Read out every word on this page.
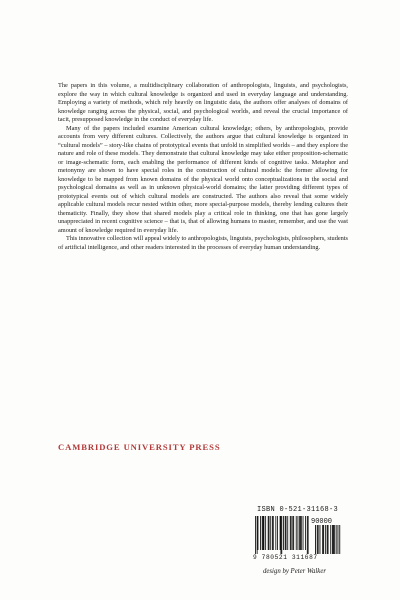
The papers in this volume, a multidisciplinary collaboration of anthropologists, linguists, and psychologists, explore the way in which cultural knowledge is organized and used in everyday language and understanding. Employing a variety of methods, which rely heavily on linguistic data, the authors offer analyses of domains of knowledge ranging across the physical, social, and psychological worlds, and reveal the crucial importance of tacit, presupposed knowledge in the conduct of everyday life.

Many of the papers included examine American cultural knowledge; others, by anthropologists, provide accounts from very different cultures. Collectively, the authors argue that cultural knowledge is organized in “cultural models” – story-like chains of prototypical events that unfold in simplified worlds – and they explore the nature and role of these models. They demonstrate that cultural knowledge may take either proposition-schematic or image-schematic form, each enabling the performance of different kinds of cognitive tasks. Metaphor and metonymy are shown to have special roles in the construction of cultural models: the former allowing for knowledge to be mapped from known domains of the physical world onto conceptualizations in the social and psychological domains as well as in unknown physical-world domains; the latter providing different types of prototypical events out of which cultural models are constructed. The authors also reveal that some widely applicable cultural models recur nested within other, more special-purpose models, thereby lending cultures their thematicity. Finally, they show that shared models play a critical role in thinking, one that has gone largely unappreciated in recent cognitive science – that is, that of allowing humans to master, remember, and use the vast amount of knowledge required in everyday life.

This innovative collection will appeal widely to anthropologists, linguists, psychologists, philosophers, students of artificial intelligence, and other readers interested in the processes of everyday human understanding.

CAMBRIDGE UNIVERSITY PRESS
ISBN 0-521-31168-3
90000
9 780521 311687
design by Peter Walker
